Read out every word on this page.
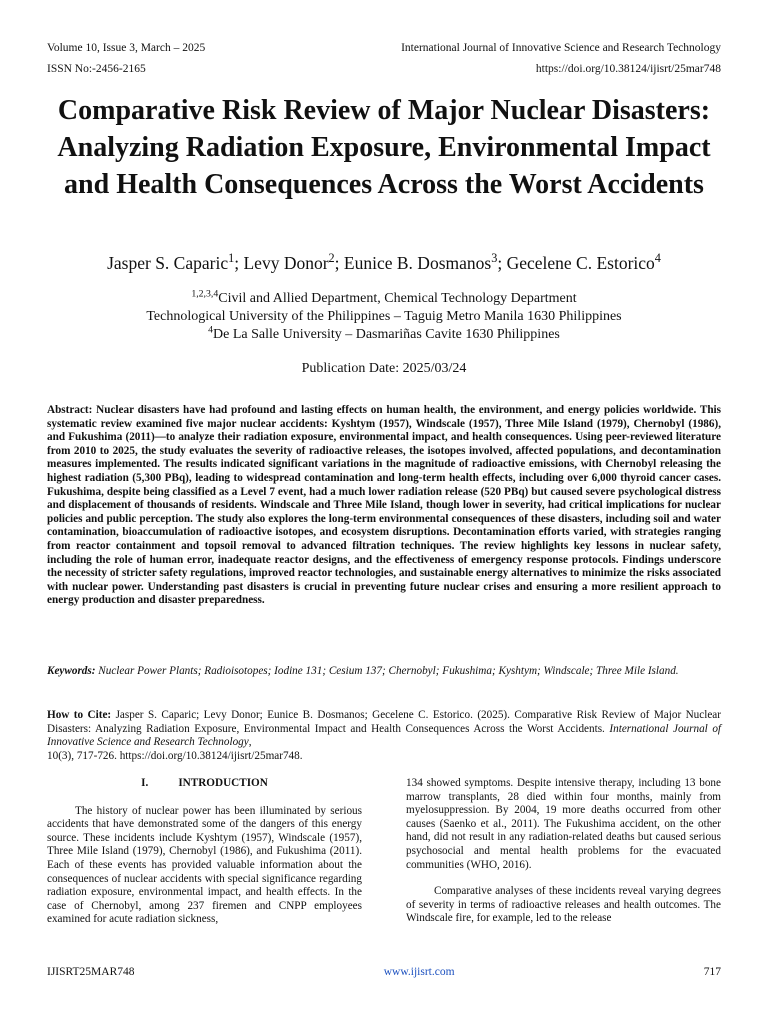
Volume 10, Issue 3, March – 2025	International Journal of Innovative Science and Research Technology
ISSN No:-2456-2165	https://doi.org/10.38124/ijisrt/25mar748
Comparative Risk Review of Major Nuclear Disasters: Analyzing Radiation Exposure, Environmental Impact and Health Consequences Across the Worst Accidents
Jasper S. Caparic$^1$; Levy Donor$^2$; Eunice B. Dosmanos$^3$; Gecelene C. Estorico$^4$
$^{1,2,3,4}$Civil and Allied Department, Chemical Technology Department
Technological University of the Philippines – Taguig Metro Manila 1630 Philippines
$^4$De La Salle University – Dasmariñas Cavite 1630 Philippines
Publication Date: 2025/03/24

Abstract: Nuclear disasters have had profound and lasting effects on human health, the environment, and energy policies worldwide. This systematic review examined five major nuclear accidents: Kyshtym (1957), Windscale (1957), Three Mile Island (1979), Chernobyl (1986), and Fukushima (2011)—to analyze their radiation exposure, environmental impact, and health consequences. Using peer-reviewed literature from 2010 to 2025, the study evaluates the severity of radioactive releases, the isotopes involved, affected populations, and decontamination measures implemented. The results indicated significant variations in the magnitude of radioactive emissions, with Chernobyl releasing the highest radiation (5,300 PBq), leading to widespread contamination and long-term health effects, including over 6,000 thyroid cancer cases. Fukushima, despite being classified as a Level 7 event, had a much lower radiation release (520 PBq) but caused severe psychological distress and displacement of thousands of residents. Windscale and Three Mile Island, though lower in severity, had critical implications for nuclear policies and public perception. The study also explores the long-term environmental consequences of these disasters, including soil and water contamination, bioaccumulation of radioactive isotopes, and ecosystem disruptions. Decontamination efforts varied, with strategies ranging from reactor containment and topsoil removal to advanced filtration techniques. The review highlights key lessons in nuclear safety, including the role of human error, inadequate reactor designs, and the effectiveness of emergency response protocols. Findings underscore the necessity of stricter safety regulations, improved reactor technologies, and sustainable energy alternatives to minimize the risks associated with nuclear power. Understanding past disasters is crucial in preventing future nuclear crises and ensuring a more resilient approach to energy production and disaster preparedness.

Keywords: Nuclear Power Plants; Radioisotopes; Iodine 131; Cesium 137; Chernobyl; Fukushima; Kyshtym; Windscale; Three Mile Island.

How to Cite: Jasper S. Caparic; Levy Donor; Eunice B. Dosmanos; Gecelene C. Estorico. (2025). Comparative Risk Review of Major Nuclear Disasters: Analyzing Radiation Exposure, Environmental Impact and Health Consequences Across the Worst Accidents. International Journal of Innovative Science and Research Technology,
10(3), 717-726. https://doi.org/10.38124/ijisrt/25mar748.

I.	INTRODUCTION

The history of nuclear power has been illuminated by serious accidents that have demonstrated some of the dangers of this energy source. These incidents include Kyshtym (1957), Windscale (1957), Three Mile Island (1979), Chernobyl (1986), and Fukushima (2011). Each of these events has provided valuable information about the consequences of nuclear accidents with special significance regarding radiation exposure, environmental impact, and health effects. In the case of Chernobyl, among 237 firemen and CNPP employees examined for acute radiation sickness,

134 showed symptoms. Despite intensive therapy, including 13 bone marrow transplants, 28 died within four months, mainly from myelosuppression. By 2004, 19 more deaths occurred from other causes (Saenko et al., 2011). The Fukushima accident, on the other hand, did not result in any radiation-related deaths but caused serious psychosocial and mental health problems for the evacuated communities (WHO, 2016).

Comparative analyses of these incidents reveal varying degrees of severity in terms of radioactive releases and health outcomes. The Windscale fire, for example, led to the release

IJISRT25MAR748	www.ijisrt.com	717
